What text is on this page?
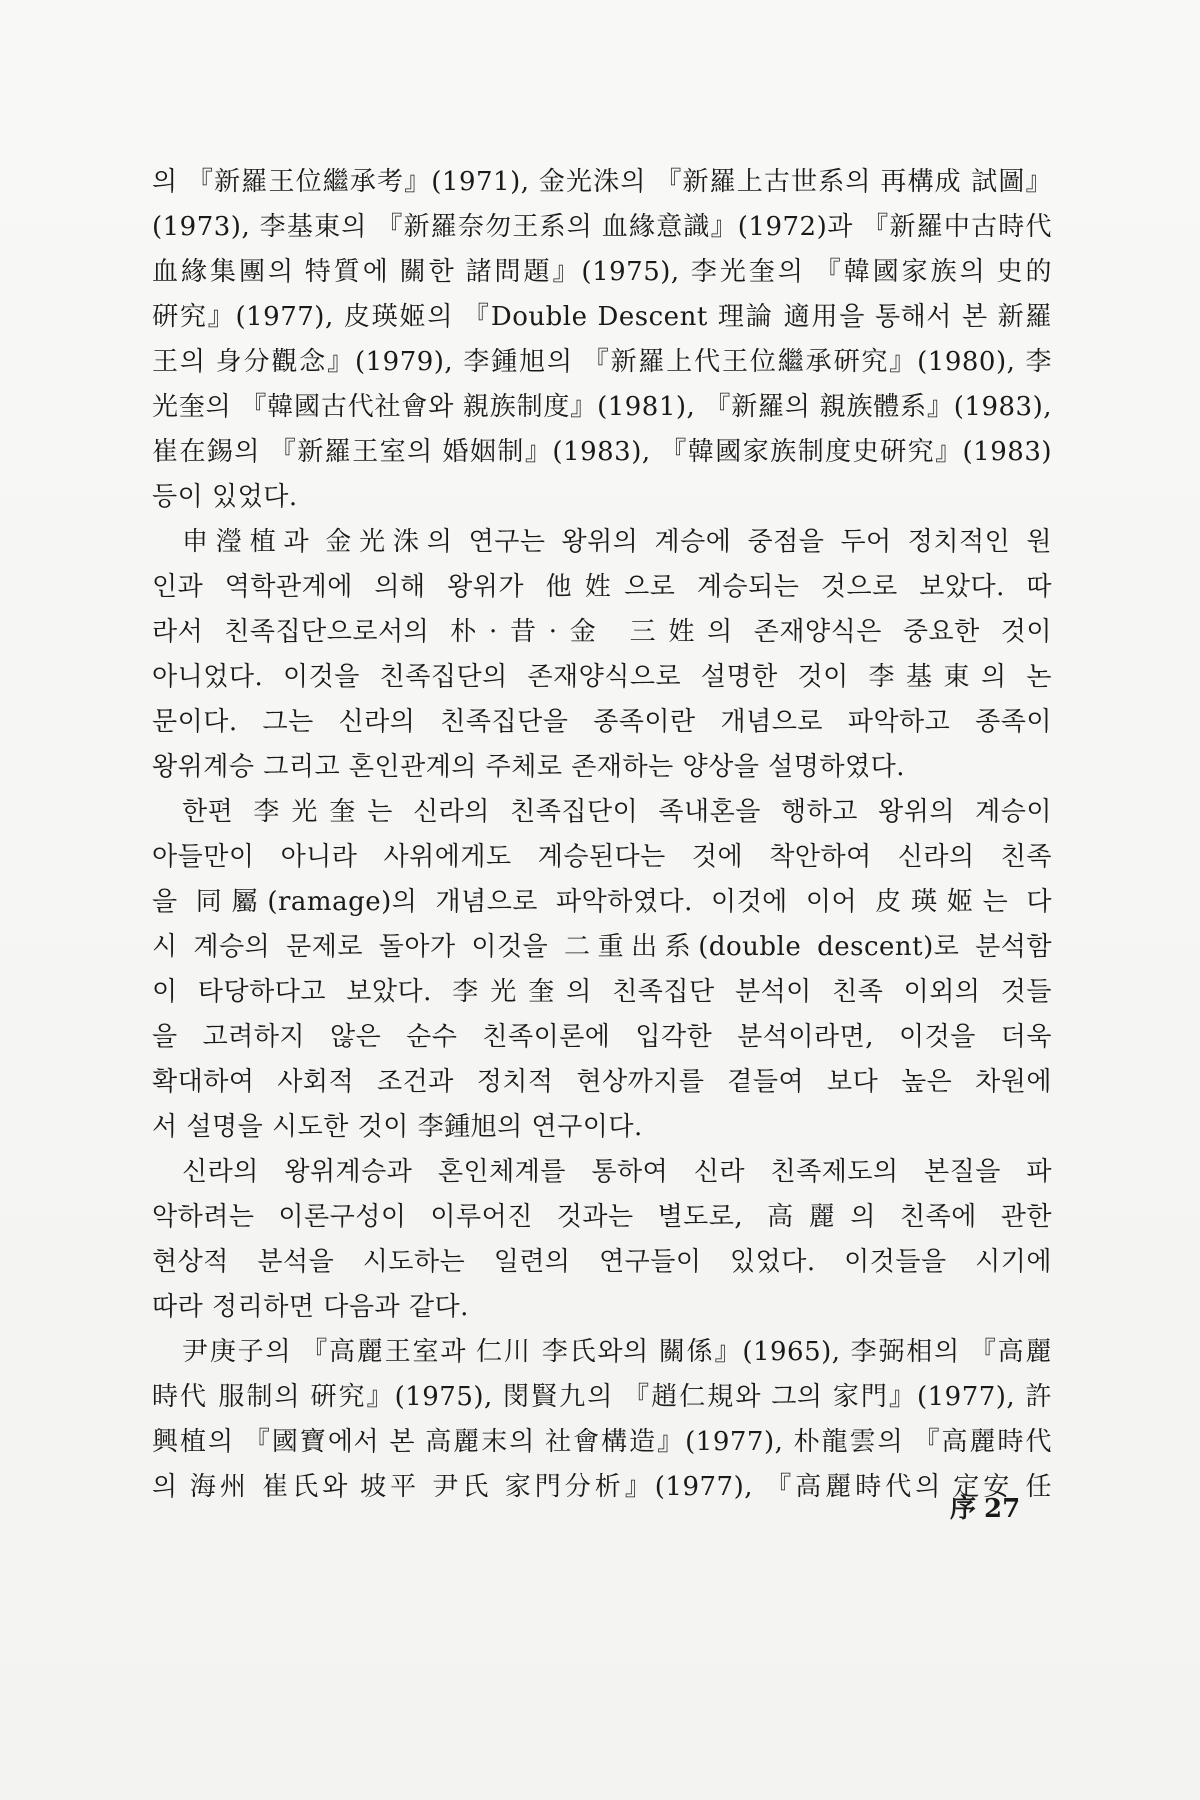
의 『新羅王位繼承考』(1971), 金光洙의 『新羅上古世系의 再構成 試圖』
(1973), 李基東의 『新羅奈勿王系의 血緣意識』(1972)과 『新羅中古時代
血緣集團의 特質에 關한 諸問題』(1975), 李光奎의 『韓國家族의 史的
硏究』(1977), 皮瑛姬의 『Double Descent 理論 適用을 통해서 본 新羅
王의 身分觀念』(1979), 李鍾旭의 『新羅上代王位繼承硏究』(1980), 李
光奎의 『韓國古代社會와 親族制度』(1981), 『新羅의 親族體系』(1983),
崔在錫의 『新羅王室의 婚姻制』(1983), 『韓國家族制度史硏究』(1983)
등이 있었다.
申瀅植과 金光洙의 연구는 왕위의 계승에 중점을 두어 정치적인 원
인과 역학관계에 의해 왕위가 他姓으로 계승되는 것으로 보았다. 따
라서 친족집단으로서의 朴·昔·金 三姓의 존재양식은 중요한 것이
아니었다. 이것을 친족집단의 존재양식으로 설명한 것이 李基東의 논
문이다. 그는 신라의 친족집단을 종족이란 개념으로 파악하고 종족이
왕위계승 그리고 혼인관계의 주체로 존재하는 양상을 설명하였다.
한편 李光奎는 신라의 친족집단이 족내혼을 행하고 왕위의 계승이
아들만이 아니라 사위에게도 계승된다는 것에 착안하여 신라의 친족
을 同屬(ramage)의 개념으로 파악하였다. 이것에 이어 皮瑛姬는 다
시 계승의 문제로 돌아가 이것을 二重出系(double descent)로 분석함
이 타당하다고 보았다. 李光奎의 친족집단 분석이 친족 이외의 것들
을 고려하지 않은 순수 친족이론에 입각한 분석이라면, 이것을 더욱
확대하여 사회적 조건과 정치적 현상까지를 곁들여 보다 높은 차원에
서 설명을 시도한 것이 李鍾旭의 연구이다.
신라의 왕위계승과 혼인체계를 통하여 신라 친족제도의 본질을 파
악하려는 이론구성이 이루어진 것과는 별도로, 高麗의 친족에 관한
현상적 분석을 시도하는 일련의 연구들이 있었다. 이것들을 시기에
따라 정리하면 다음과 같다.
尹庚子의 『高麗王室과 仁川 李氏와의 關係』(1965), 李弼相의 『高麗
時代 服制의 硏究』(1975), 閔賢九의 『趙仁規와 그의 家門』(1977), 許
興植의 『國寶에서 본 高麗末의 社會構造』(1977), 朴龍雲의 『高麗時代
의 海州 崔氏와 坡平 尹氏 家門分析』(1977), 『高麗時代의 定安 任
序 27
